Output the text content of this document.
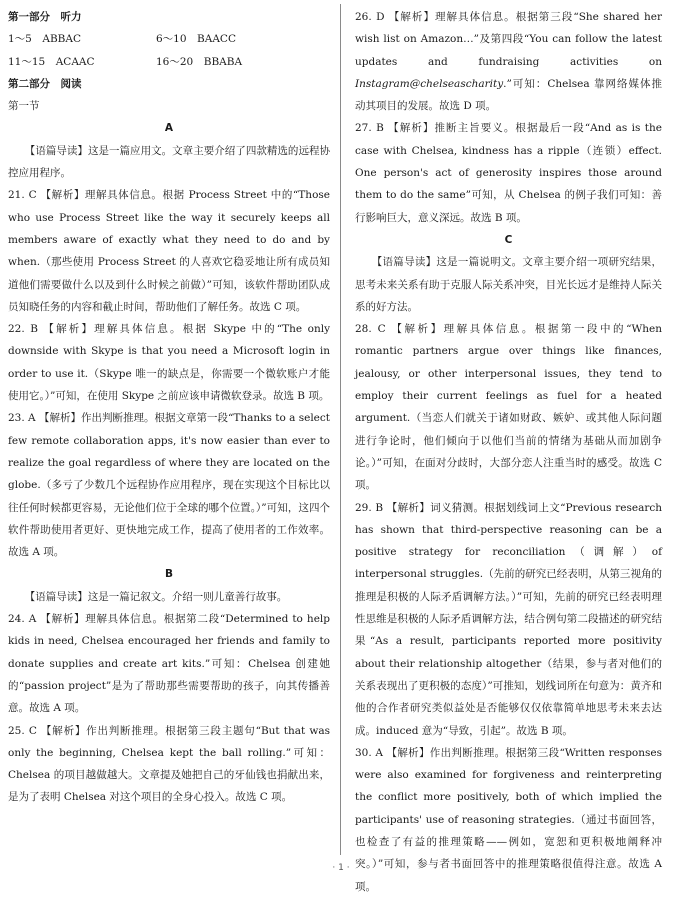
第一部分　听力

1～5　ABBAC	6～10　BAACC
11～15　ACAAC	16～20　BBABA

第二部分　阅读

第一节

A

【语篇导读】这是一篇应用文。文章主要介绍了四款精选的远程协控应用程序。

21. C 【解析】理解具体信息。根据 Process Street 中的“Those who use Process Street like the way it securely keeps all members aware of exactly what they need to do and by when.（那些使用 Process Street 的人喜欢它稳妥地让所有成员知道他们需要做什么以及到什么时候之前做）”可知，该软件帮助团队成员知晓任务的内容和截止时间，帮助他们了解任务。故选 C 项。

22. B 【解析】理解具体信息。根据 Skype 中的“The only downside with Skype is that you need a Microsoft login in order to use it.（Skype 唯一的缺点是，你需要一个微软账户才能使用它。）”可知，在使用 Skype 之前应该申请微软登录。故选 B 项。

23. A 【解析】作出判断推理。根据文章第一段“Thanks to a select few remote collaboration apps, it's now easier than ever to realize the goal regardless of where they are located on the globe.（多亏了少数几个远程协作应用程序，现在实现这个目标比以往任何时候都更容易，无论他们位于全球的哪个位置。）”可知，这四个软件帮助使用者更好、更快地完成工作，提高了使用者的工作效率。故选 A 项。

B

【语篇导读】这是一篇记叙文。介绍一则儿童善行故事。

24. A 【解析】理解具体信息。根据第二段“Determined to help kids in need, Chelsea encouraged her friends and family to donate supplies and create art kits.”可知：Chelsea 创建她的“passion project”是为了帮助那些需要帮助的孩子，向其传播善意。故选 A 项。

25. C 【解析】作出判断推理。根据第三段主题句“But that was only the beginning, Chelsea kept the ball rolling.”可知：Chelsea 的项目越做越大。文章提及她把自己的牙仙钱也捐献出来，是为了表明 Chelsea 对这个项目的全身心投入。故选 C 项。

26. D 【解析】理解具体信息。根据第三段“She shared her wish list on Amazon…”及第四段“You can follow the latest updates and fundraising activities on Instagram@chelseascharity.”可知：Chelsea 靠网络媒体推动其项目的发展。故选 D 项。

27. B 【解析】推断主旨要义。根据最后一段“And as is the case with Chelsea, kindness has a ripple（连锁）effect. One person's act of generosity inspires those around them to do the same”可知，从 Chelsea 的例子我们可知：善行影响巨大，意义深远。故选 B 项。

C

【语篇导读】这是一篇说明文。文章主要介绍一项研究结果，思考未来关系有助于克服人际关系冲突，目光长远才是维持人际关系的好方法。

28. C 【解析】理解具体信息。根据第一段中的“When romantic partners argue over things like finances, jealousy, or other interpersonal issues, they tend to employ their current feelings as fuel for a heated argument.（当恋人们就关于诸如财政、嫉妒、或其他人际问题进行争论时，他们倾向于以他们当前的情绪为基础从而加剧争论。）”可知，在面对分歧时，大部分恋人注重当时的感受。故选 C 项。

29. B 【解析】词义猜测。根据划线词上文“Previous research has shown that third-perspective reasoning can be a positive strategy for reconciliation（调解）of interpersonal struggles.（先前的研究已经表明，从第三视角的推理是积极的人际矛盾调解方法。）”可知，先前的研究已经表明理性思维是积极的人际矛盾调解方法，结合例句第二段描述的研究结果“As a result, participants reported more positivity about their relationship altogether（结果，参与者对他们的关系表现出了更积极的态度）”可推知，划线词所在句意为：黄齐和他的合作者研究类似益处是否能够仅仅依靠简单地思考未来去达成。induced 意为“导致，引起”。故选 B 项。

30. A 【解析】作出判断推理。根据第三段“Written responses were also examined for forgiveness and reinterpreting the conflict more positively, both of which implied the participants' use of reasoning strategies.（通过书面回答，也检查了有益的推理策略——例如，宽恕和更积极地阐释冲突。）”可知，参与者书面回答中的推理策略很值得注意。故选 A 项。

· 1 ·
